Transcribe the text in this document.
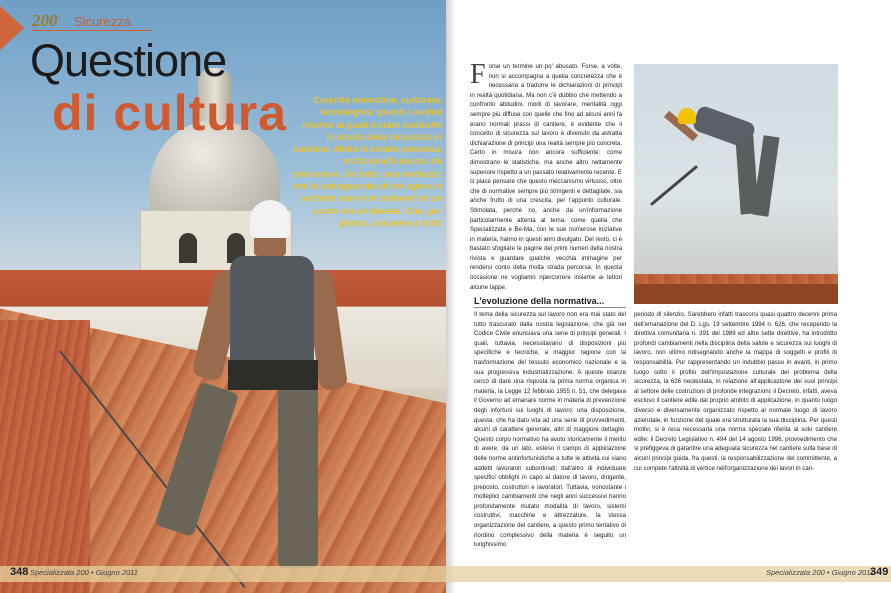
200 Sicurezza
Questione
di cultura	Crescita normativa, culturale, tecnologica: questi i cardini intorno ai quali è stato costruito lo scudo della sicurezza in cantiere. Molta la strada percorsa, molta quella ancora da percorrere. Su tutto, una certezza: che la salvaguardia di chi opera in cantiere non è un optional né un costo ma un dovere. Che, per giunta, conviene a tutti.
348 Specializzata 200 • Giugno 2011
Forse un termine un po' abusato. Forse, a volte, non si accompagna a quella concretezza che è necessaria a tradurre le dichiarazioni di principi in realtà quotidiana. Ma non c'è dubbio che mettendo a confronto abitudini, modi di lavorare, mentalità oggi sempre più diffuse con quelle che fino ad alcuni anni fa erano normali prassi di cantiere, è evidente che il concetto di sicurezza sul lavoro è divenuto da astratta dichiarazione di principi una realtà sempre più concreta. Certo in misura non ancora sufficiente: come dimostrano le statistiche, ma anche altro nettamente superiore rispetto a un passato relativamente recente. E ci piace pensare che questo meccanismo virtuoso, oltre che di normative sempre più stringenti e dettagliate, sia anche frutto di una crescita, per l'appunto culturale. Stimolata, perché no, anche da un'informazione particolarmente attenta al tema, come quella che Specializzata e Be-Ma, con le sue numerose iniziative in materia, hanno in questi anni divulgato. Del resto, ci è bastato sfogliare le pagine dei primi numeri della nostra rivista e guardare qualche vecchia immagine per rendersi conto della molta strada percorsa. In questa occasione ne vogliamo ripercorrere insieme ai lettori alcune tappe.
L'evoluzione della normativa...
Il tema della sicurezza sul lavoro non era mai stato del tutto trascurato dalla nostra legislazione, che già nel Codice Civile enunciava una serie di principi generali. I quali, tuttavia, necessitavano di disposizioni più specifiche e tecniche, a maggior ragione con la trasformazione del tessuto economico nazionale e la sua progressiva industrializzazione. A queste istanze cercò di dare una risposta la prima norma organica in materia, la Legge 12 febbraio 1955 n. 51, che delegava il Governo ad emanare norme in materia di prevenzione degli infortuni sui luoghi di lavoro: una disposizione, questa, che ha dato vita ad una serie di provvedimenti, alcuni di carattere generale, altri di maggiore dettaglio. Questo corpo normativo ha avuto storicamente il merito di avere, da un lato, esteso il campo di applicazione delle norme antinfortunistiche a tutte le attività cui siano addetti lavoratori subordinati; dall'altro di individuare specifici obblighi in capo al datore di lavoro, dirigente, preposto, costruttori e lavoratori. Tuttavia, nonostante i molteplici cambiamenti che negli anni successivi hanno profondamente mutato modalità di lavoro, sistemi costruttivi, macchine e attrezzature, la stessa organizzazione del cantiere, a questo primo tentativo di riordino complessivo della materia è seguito un lunghissimo
periodo di silenzio. Sarebbero infatti trascorsi quasi quattro decenni prima dell'emanazione del D. Lgs. 19 settembre 1994 n. 626, che recependo la direttiva comunitaria n. 391 del 1989 ed altre sette direttive, ha introdotto profondi cambiamenti nella disciplina della salute e sicurezza sui luoghi di lavoro, non ultimo ridisegnando anche la mappa di soggetti e profili di responsabilità. Pur rappresentando un indubbio passo in avanti, in primo luogo sotto il profilo dell'impostazione culturale del problema della sicurezza, la 626 neotestata, in relazione all'applicazione dei suoi principi al settore delle costruzioni di profonde integrazioni: il Decreto, infatti, aveva escluso il cantiere edile dal proprio ambito di applicazione, in quanto luogo diverso e diversamente organizzato rispetto al normale luogo di lavoro aziendale, in funzione del quale era strutturata la sua disciplina. Per questi motivi, si è resa necessaria una norma speciale riferita al solo cantiere edile: il Decreto Legislativo n. 494 del 14 agosto 1996, provvedimento che si prefiggeva di garantire una adeguata sicurezza nel cantiere sulla base di alcuni principi guida, fra questi, la responsabilizzazione del committente, a cui compete l'attività di vertice nell'organizzazione dei lavori in can-
Specializzata 200 • Giugno 2011
349
